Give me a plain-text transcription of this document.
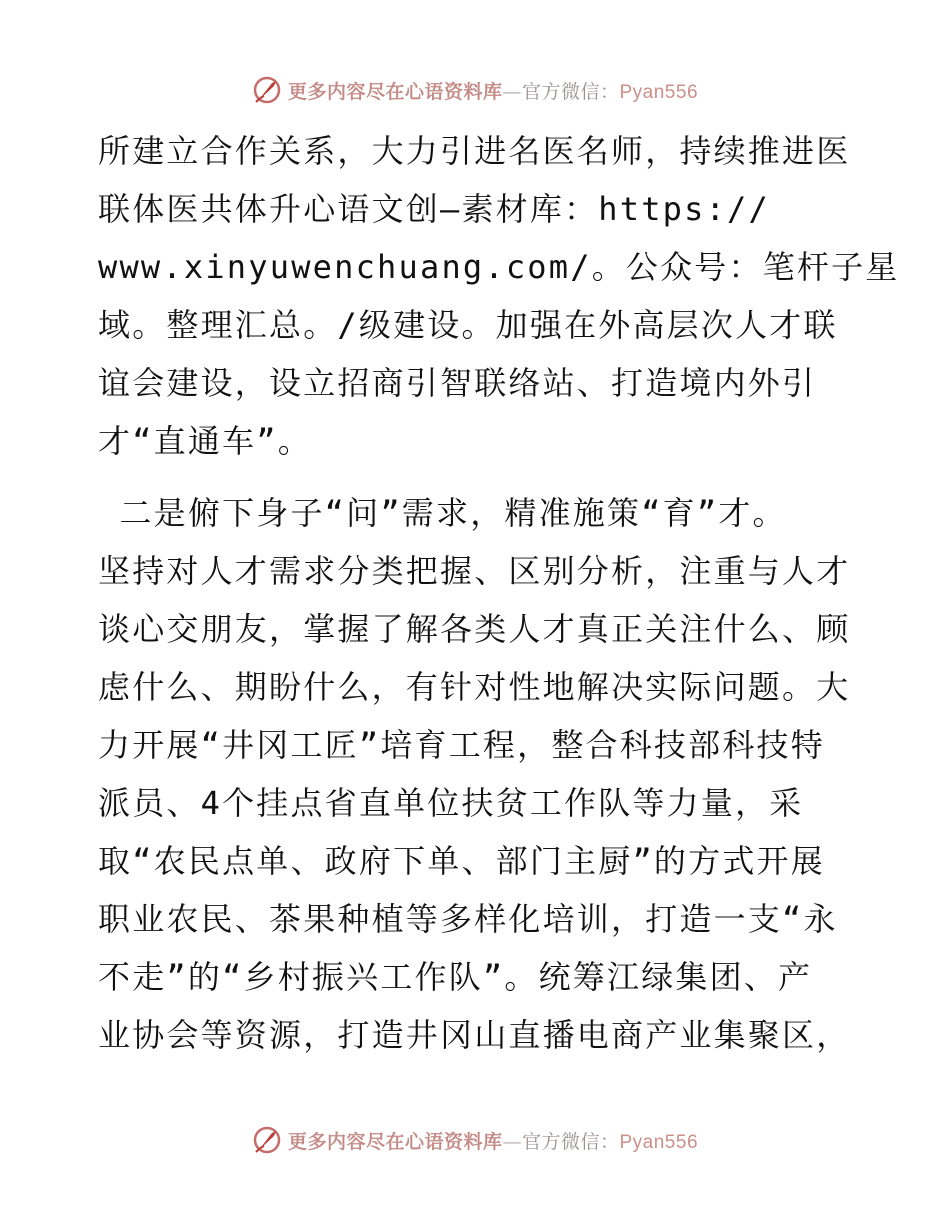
更多内容尽在心语资料库—官方微信：Pyan556
所建立合作关系，大力引进名医名师，持续推进医
联体医共体升心语文创—素材库：https://
www.xinyuwenchuang.com/。公众号：笔杆子星
域。整理汇总。/级建设。加强在外高层次人才联
谊会建设，设立招商引智联络站、打造境内外引
才“直通车”。
二是俯下身子“问”需求，精准施策“育”才。
坚持对人才需求分类把握、区别分析，注重与人才
谈心交朋友，掌握了解各类人才真正关注什么、顾
虑什么、期盼什么，有针对性地解决实际问题。大
力开展“井冈工匠”培育工程，整合科技部科技特
派员、4个挂点省直单位扶贫工作队等力量，采
取“农民点单、政府下单、部门主厨”的方式开展
职业农民、茶果种植等多样化培训，打造一支“永
不走”的“乡村振兴工作队”。统筹江绿集团、产
业协会等资源，打造井冈山直播电商产业集聚区，
更多内容尽在心语资料库—官方微信：Pyan556
